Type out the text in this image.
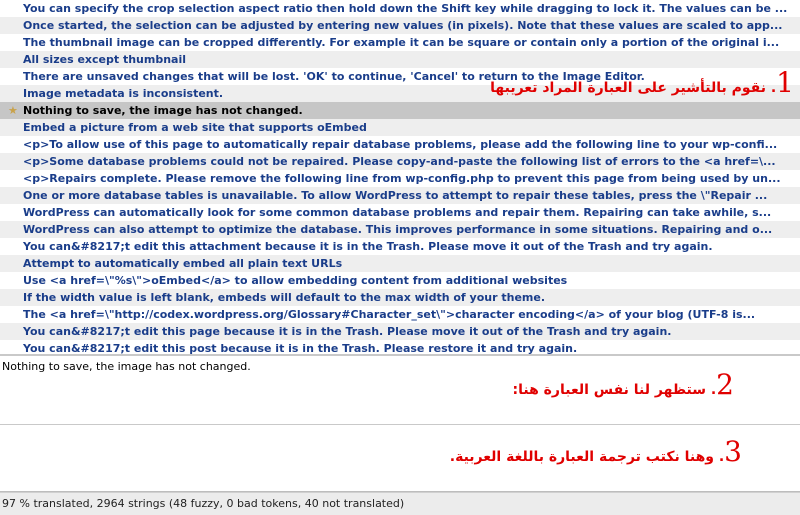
You can specify the crop selection aspect ratio then hold down the Shift key while dragging to lock it. The values can be ...
Once started, the selection can be adjusted by entering new values (in pixels). Note that these values are scaled to app...
The thumbnail image can be cropped differently. For example it can be square or contain only a portion of the original i...
All sizes except thumbnail
There are unsaved changes that will be lost. 'OK' to continue, 'Cancel' to return to the Image Editor.
Image metadata is inconsistent.
★ Nothing to save, the image has not changed.
Embed a picture from a web site that supports oEmbed
<p>To allow use of this page to automatically repair database problems, please add the following line to your wp-confi...
<p>Some database problems could not be repaired. Please copy-and-paste the following list of errors to the <a href=\...
<p>Repairs complete. Please remove the following line from wp-config.php to prevent this page from being used by un...
One or more database tables is unavailable. To allow WordPress to attempt to repair these tables, press the \"Repair ...
WordPress can automatically look for some common database problems and repair them. Repairing can take awhile, s...
WordPress can also attempt to optimize the database. This improves performance in some situations. Repairing and o...
You can&#8217;t edit this attachment because it is in the Trash. Please move it out of the Trash and try again.
Attempt to automatically embed all plain text URLs
Use <a href=\"%s\">oEmbed</a> to allow embedding content from additional websites
If the width value is left blank, embeds will default to the max width of your theme.
The <a href=\"http://codex.wordpress.org/Glossary#Character_set\">character encoding</a> of your blog (UTF-8 is...
You can&#8217;t edit this page because it is in the Trash. Please move it out of the Trash and try again.
You can&#8217;t edit this post because it is in the Trash. Please restore it and try again.
Nothing to save, the image has not changed.
97 % translated, 2964 strings (48 fuzzy, 0 bad tokens, 40 not translated)
1. نقوم بالتأشير على العبارة المراد تعريبها
2. ستظهر لنا نفس العبارة هنا:
3. وهنا نكتب ترجمة العبارة باللغة العربية.
